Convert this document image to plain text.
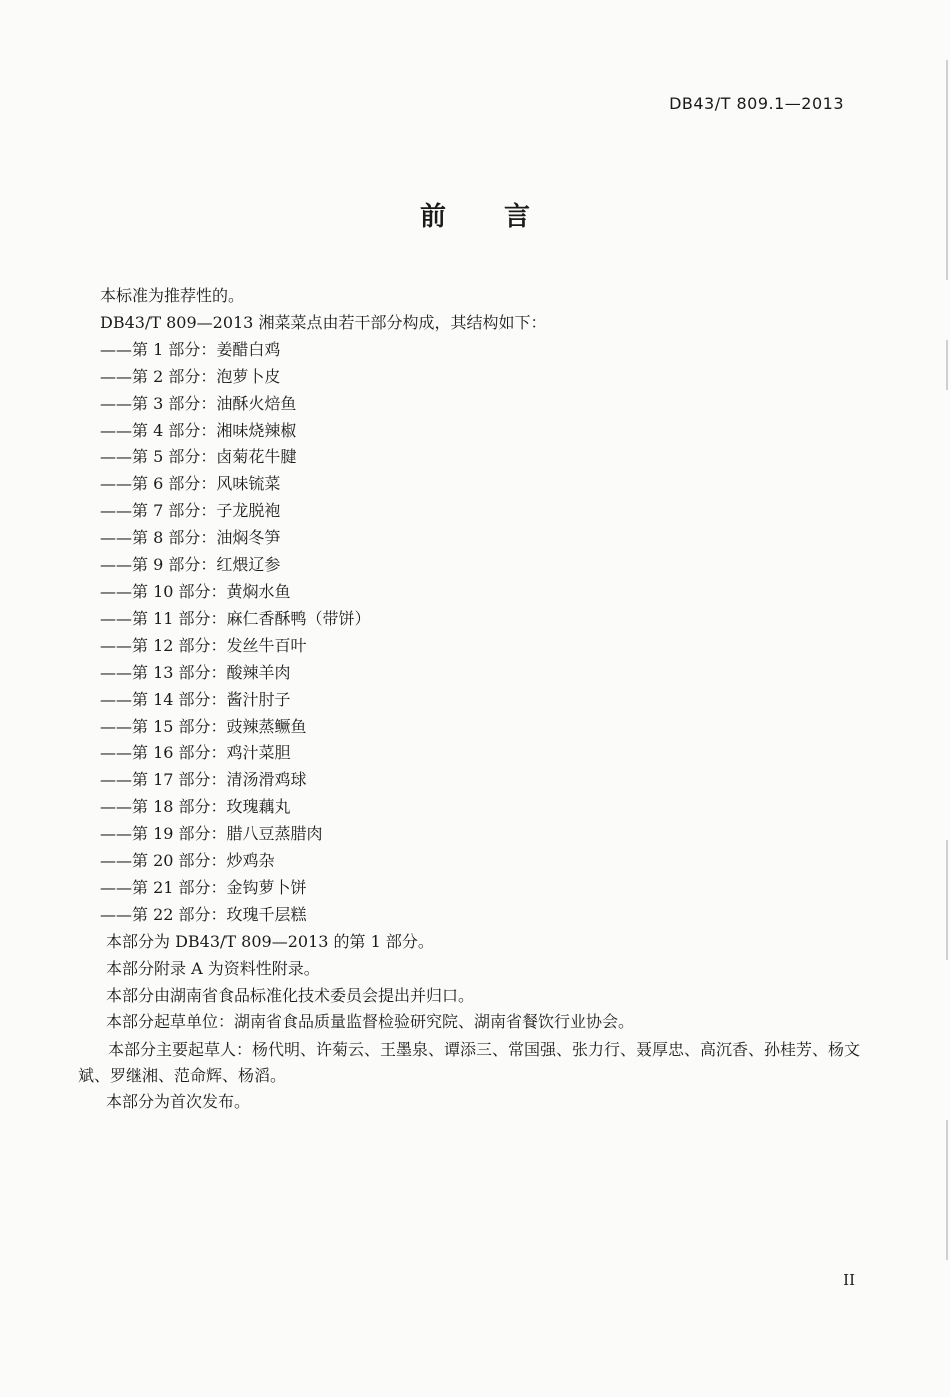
DB43/T 809.1—2013
前言
本标准为推荐性的。
DB43/T 809—2013 湘菜菜点由若干部分构成，其结构如下：
——第 1 部分：姜醋白鸡
——第 2 部分：泡萝卜皮
——第 3 部分：油酥火焙鱼
——第 4 部分：湘味烧辣椒
——第 5 部分：卤菊花牛腱
——第 6 部分：风味锍菜
——第 7 部分：子龙脱袍
——第 8 部分：油焖冬笋
——第 9 部分：红煨辽参
——第 10 部分：黄焖水鱼
——第 11 部分：麻仁香酥鸭（带饼）
——第 12 部分：发丝牛百叶
——第 13 部分：酸辣羊肉
——第 14 部分：酱汁肘子
——第 15 部分：豉辣蒸鳜鱼
——第 16 部分：鸡汁菜胆
——第 17 部分：清汤滑鸡球
——第 18 部分：玫瑰藕丸
——第 19 部分：腊八豆蒸腊肉
——第 20 部分：炒鸡杂
——第 21 部分：金钩萝卜饼
——第 22 部分：玫瑰千层糕
本部分为 DB43/T 809—2013 的第 1 部分。
本部分附录 A 为资料性附录。
本部分由湖南省食品标准化技术委员会提出并归口。
本部分起草单位：湖南省食品质量监督检验研究院、湖南省餐饮行业协会。
本部分主要起草人：杨代明、许菊云、王墨泉、谭添三、常国强、张力行、聂厚忠、高沉香、孙桂芳、杨文斌、罗继湘、范命辉、杨滔。
本部分为首次发布。
II
